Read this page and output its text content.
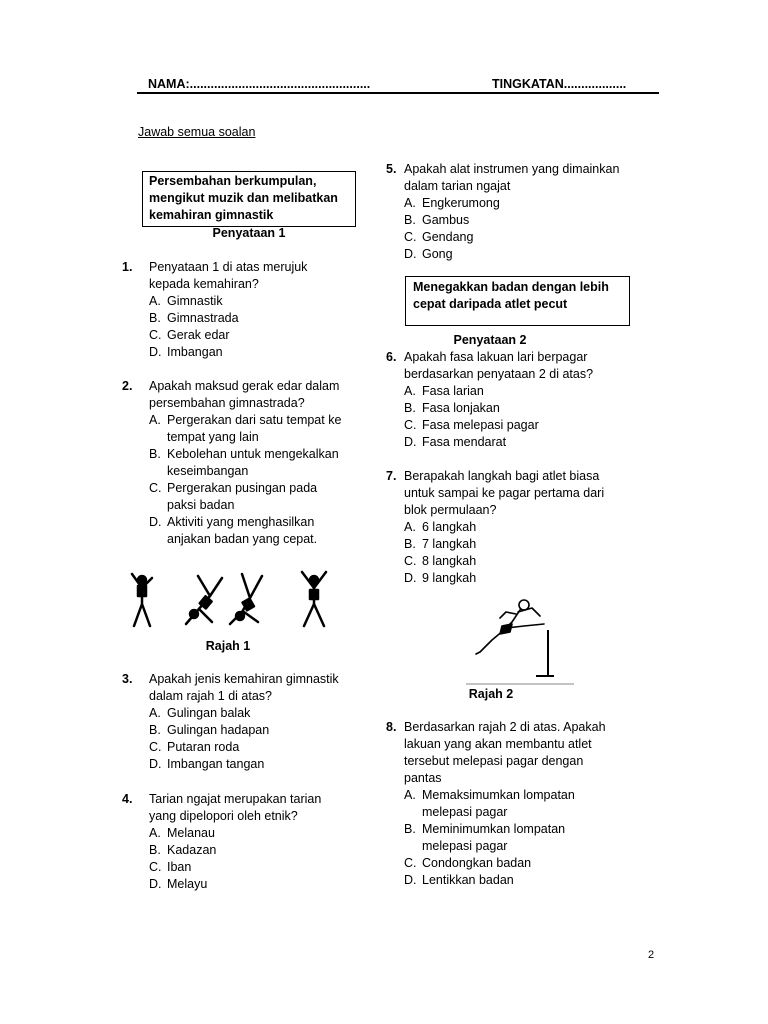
NAMA:....................................................	TINGKATAN..................
Jawab semua soalan
Persembahan berkumpulan,
mengikut muzik dan melibatkan
kemahiran gimnastik
Penyataan 1
1. Penyataan 1 di atas merujuk
kepada kemahiran?
A. Gimnastik
B. Gimnastrada
C. Gerak edar
D. Imbangan
2. Apakah maksud gerak edar dalam
persembahan gimnastrada?
A. Pergerakan dari satu tempat ke
tempat yang lain
B. Kebolehan untuk mengekalkan
keseimbangan
C. Pergerakan pusingan pada
paksi badan
D. Aktiviti yang menghasilkan
anjakan badan yang cepat.
Rajah 1
3. Apakah jenis kemahiran gimnastik
dalam rajah 1 di atas?
A. Gulingan balak
B. Gulingan hadapan
C. Putaran roda
D. Imbangan tangan
4. Tarian ngajat merupakan tarian
yang dipelopori oleh etnik?
A. Melanau
B. Kadazan
C. Iban
D. Melayu
5. Apakah alat instrumen yang dimainkan
dalam tarian ngajat
A. Engkerumong
B. Gambus
C. Gendang
D. Gong
Menegakkan badan dengan lebih
cepat daripada atlet pecut
Penyataan 2
6. Apakah fasa lakuan lari berpagar
berdasarkan penyataan 2 di atas?
A. Fasa larian
B. Fasa lonjakan
C. Fasa melepasi pagar
D. Fasa mendarat
7. Berapakah langkah bagi atlet biasa
untuk sampai ke pagar pertama dari
blok permulaan?
A. 6 langkah
B. 7 langkah
C. 8 langkah
D. 9 langkah
Rajah 2
8. Berdasarkan rajah 2 di atas. Apakah
lakuan yang akan membantu atlet
tersebut melepasi pagar dengan
pantas
A. Memaksimumkan lompatan
melepasi pagar
B. Meminimumkan lompatan
melepasi pagar
C. Condongkan badan
D. Lentikkan badan
2
